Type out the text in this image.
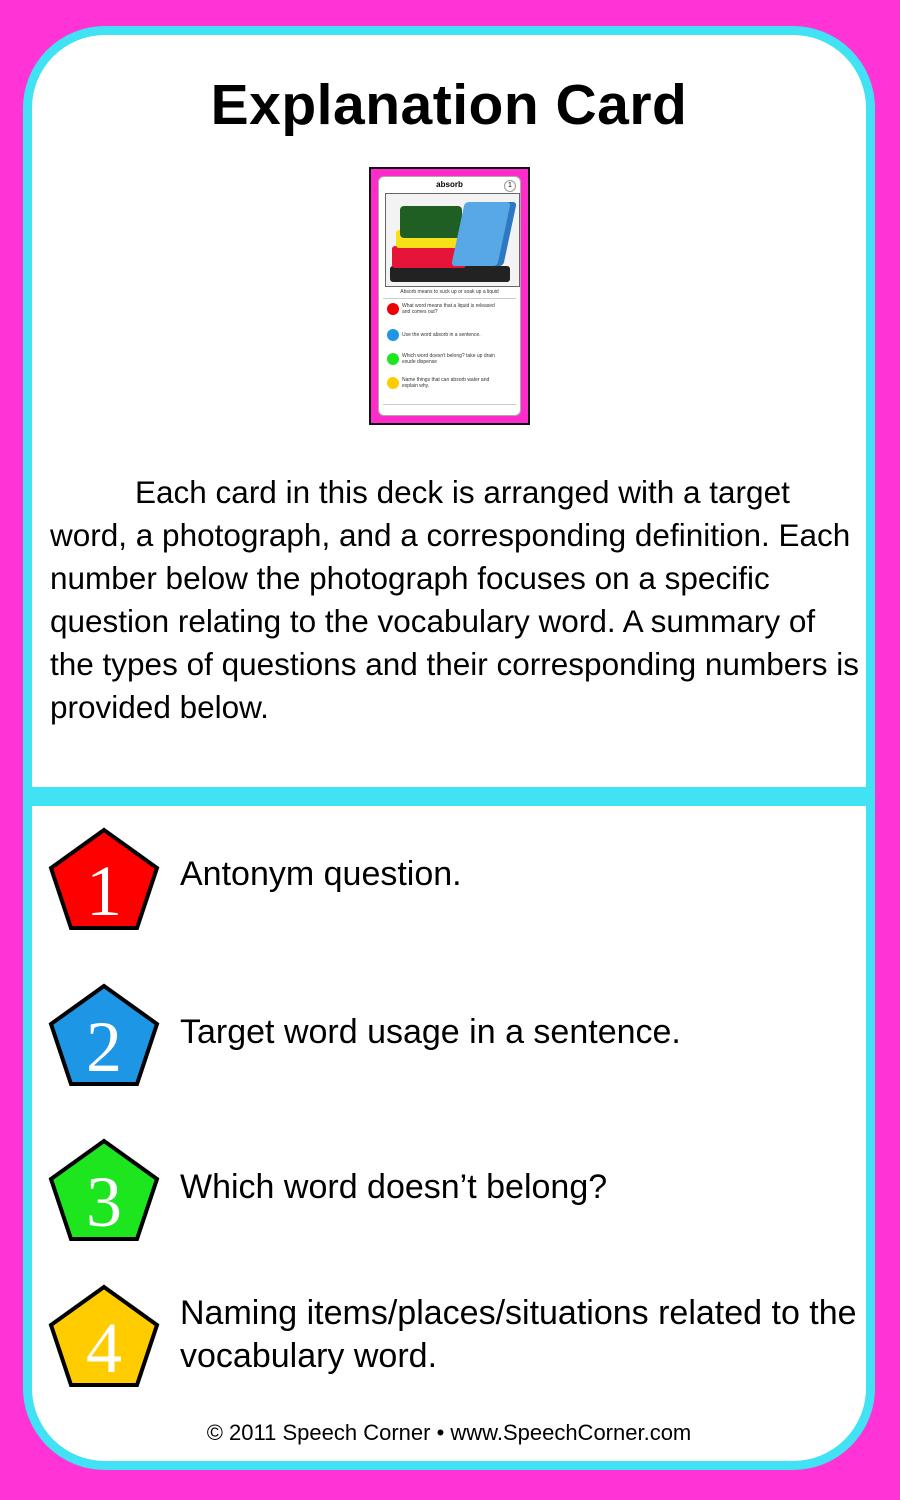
Explanation Card
absorb	1
Absorb means to suck up or soak up a liquid
What word means that a liquid is released and comes out?
Use the word absorb in a sentence.
Which word doesn't belong? take up drain exude dispense
Name things that can absorb water and explain why.

Each card in this deck is arranged with a target word, a photograph, and a corresponding definition. Each number below the photograph focuses on a specific question relating to the vocabulary word. A summary of the types of questions and their corresponding numbers is provided below.

1 Antonym question.
2 Target word usage in a sentence.
3 Which word doesn’t belong?
4 Naming items/places/situations related to the vocabulary word.
© 2011 Speech Corner • www.SpeechCorner.com
